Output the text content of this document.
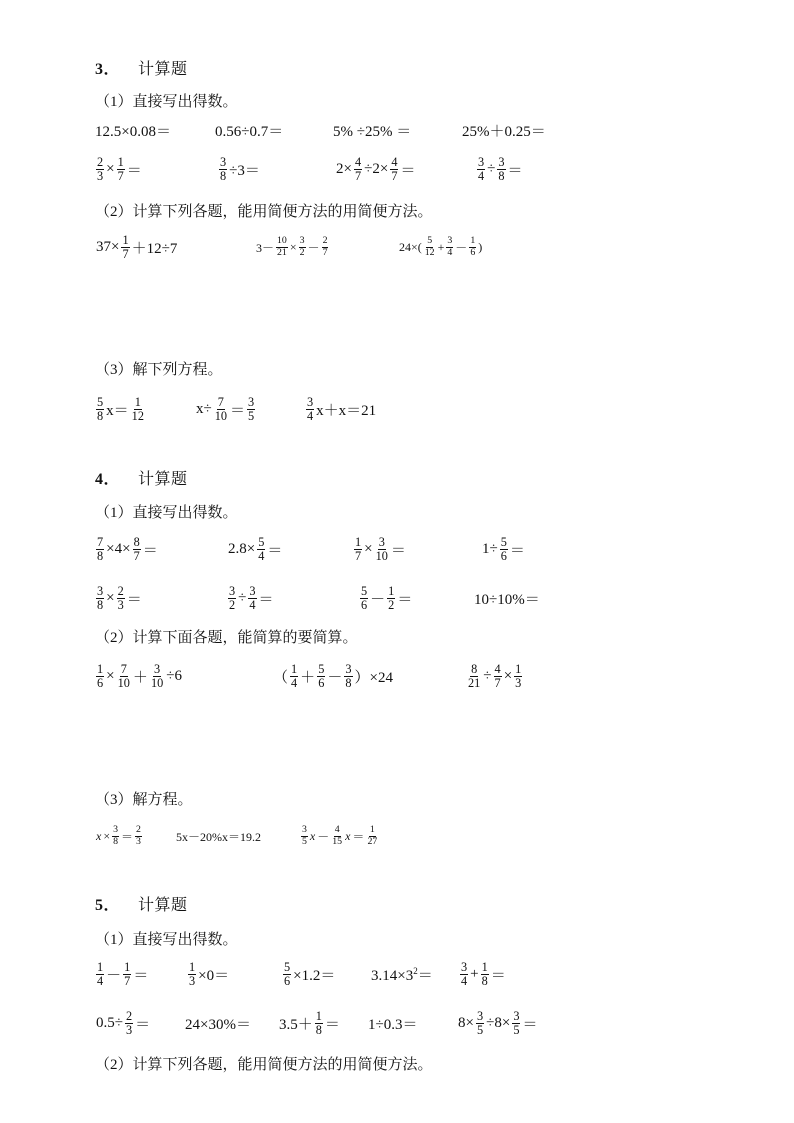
3． 计算题
（1）直接写出得数。
12.5×0.08＝	0.56÷0.7＝	5% ÷25% ＝	25%＋0.25＝
$\frac{2}{3} \times \frac{1}{7}$ ＝	$\frac{3}{8} \div 3=$	$2\times \frac{4}{7} \div 2\times \frac{4}{7}$ ＝	$\frac{3}{4} \div \frac{3}{8}$ ＝
（2）计算下列各题，能用简便方法的用简便方法。
$37\times \frac{1}{7} +12\div 7$	$3- \frac{10}{21} \times \frac{3}{2} - \frac{2}{7}$	$24\times( \frac{5}{12} + \frac{3}{4} - \frac{1}{6}$ )
（3）解下列方程。
$\frac{5}{8} x= \frac{1}{12}$	$x\div \frac{7}{10} = \frac{3}{5}$	$\frac{3}{4} x+x=21$
4． 计算题
（1）直接写出得数。
$\frac{7}{8} \times 4\times \frac{8}{7}$ ＝	$2.8\times \frac{5}{4}$ ＝	$\frac{1}{7} \times \frac{3}{10}$ ＝	$1\div \frac{5}{6}$ ＝
$\frac{3}{8} \times \frac{2}{3}$ ＝	$\frac{3}{2} \div \frac{3}{4}$ ＝	$\frac{5}{6} - \frac{1}{2}$ ＝	10÷10%＝
（2）计算下面各题，能简算的要简算。
$\frac{1}{6} \times \frac{7}{10} + \frac{3}{10} \div 6$	（ $\frac{1}{4} + \frac{5}{6} - \frac{3}{8} )\times 24$	$\frac{8}{21} \div \frac{4}{7} \times \frac{1}{3}$
（3）解方程。
$x \times \frac{3}{8} = \frac{2}{3}$	5x－20%x＝19.2	$\frac{3}{5}$ $x - \frac{4}{15}$ $x = \frac{1}{27}$
5． 计算题
（1）直接写出得数。
$\frac{1}{4} - \frac{1}{7}$ ＝	$\frac{1}{3} \times 0=$	$\frac{5}{6} \times 1.2= 3.14\times 3^2= \frac{3}{4} + \frac{1}{8}$ ＝
$0.5\div \frac{2}{3} = 24\times 30\%= 3.5+ \frac{1}{8} = 1\div 0.3=$	$8\times \frac{3}{5} \div 8\times \frac{3}{5}$ ＝
（2）计算下列各题，能用简便方法的用简便方法。
